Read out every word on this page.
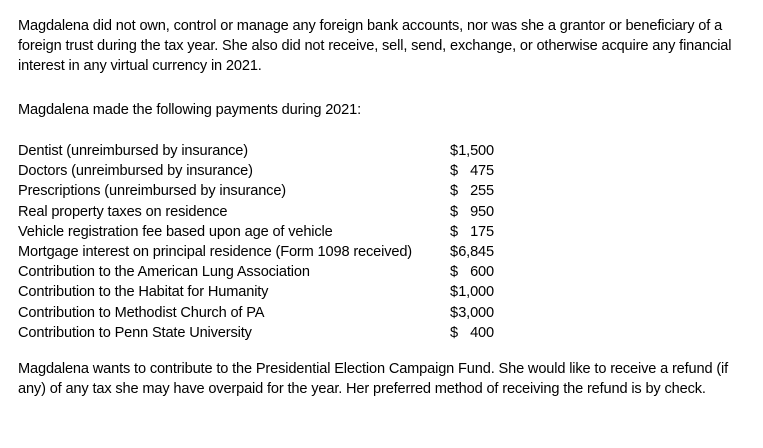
Magdalena did not own, control or manage any foreign bank accounts, nor was she a grantor or beneficiary of a foreign trust during the tax year. She also did not receive, sell, send, exchange, or otherwise acquire any financial interest in any virtual currency in 2021.

Magdalena made the following payments during 2021:

Dentist (unreimbursed by insurance)	$ 1,500
Doctors (unreimbursed by insurance)	$ 475
Prescriptions (unreimbursed by insurance)	$ 255
Real property taxes on residence	$ 950
Vehicle registration fee based upon age of vehicle	$ 175
Mortgage interest on principal residence (Form 1098 received)	$ 6,845
Contribution to the American Lung Association	$ 600
Contribution to the Habitat for Humanity	$ 1,000
Contribution to Methodist Church of PA	$ 3,000
Contribution to Penn State University	$ 400

Magdalena wants to contribute to the Presidential Election Campaign Fund. She would like to receive a refund (if any) of any tax she may have overpaid for the year. Her preferred method of receiving the refund is by check.
